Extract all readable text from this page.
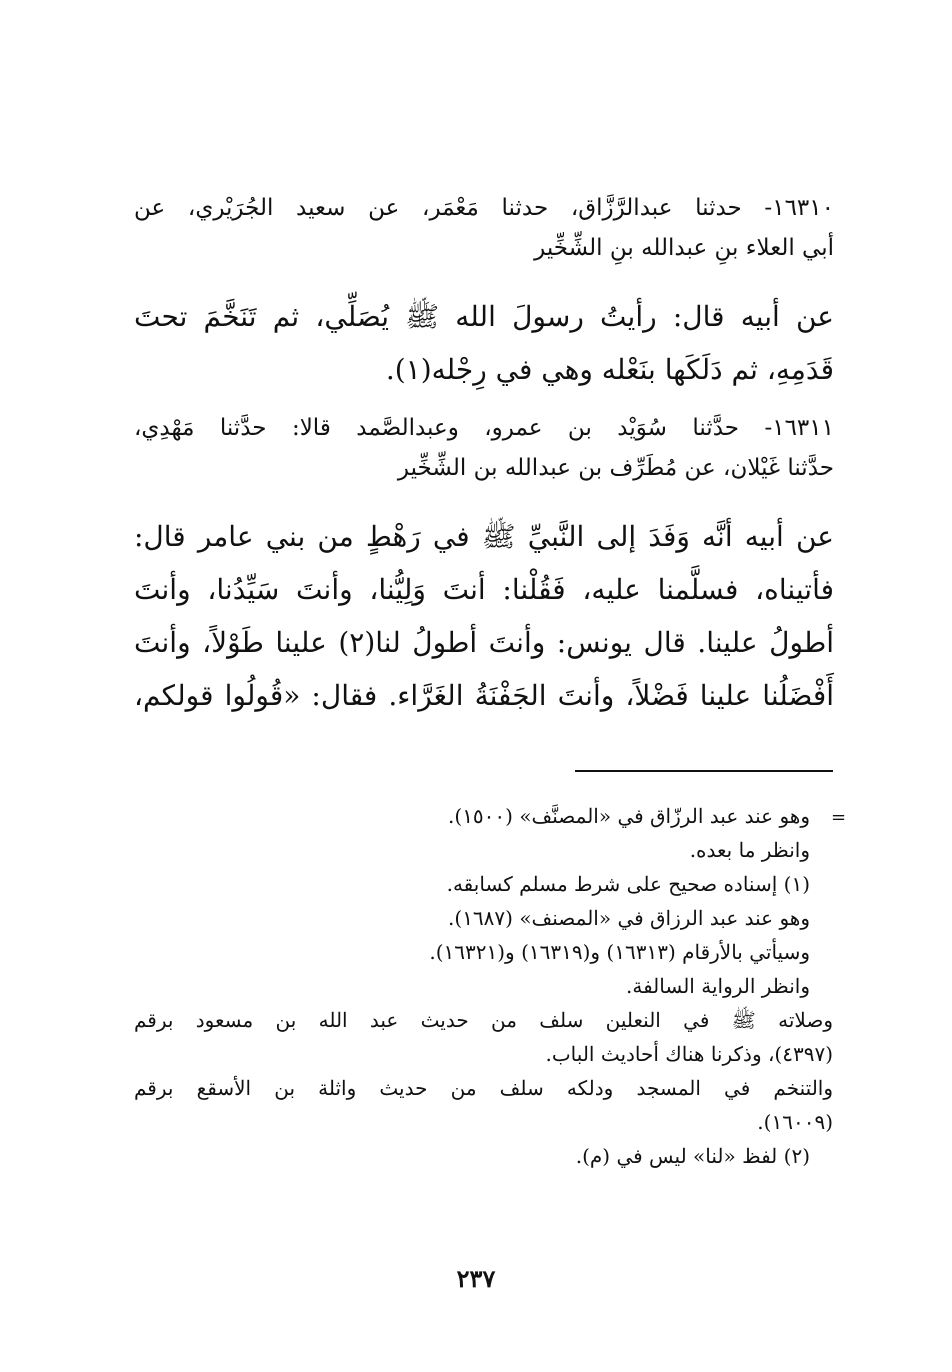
١٦٣١٠- حدثنا عبدالرَّزَّاق، حدثنا مَعْمَر، عن سعيد الجُرَيْري، عن
أبي العلاء بنِ عبدالله بنِ الشِّخِّير
عن أبيه قال: رأيتُ رسولَ الله ﷺ يُصَلِّي، ثم تَنَخَّمَ تحتَ
قَدَمِهِ، ثم دَلَكَها بنَعْله وهي في رِجْله(١).
١٦٣١١- حدَّثنا سُوَيْد بن عمرو، وعبدالصَّمد قالا: حدَّثنا مَهْدِي،
حدَّثنا غَيْلان، عن مُطَرِّف بن عبدالله بن الشِّخِّير
عن أبيه أنَّه وَفَدَ إلى النَّبيِّ ﷺ في رَهْطٍ من بني عامر قال:
فأتيناه، فسلَّمنا عليه، فَقُلْنا: أنتَ وَلِيُّنا، وأنتَ سَيِّدُنا، وأنتَ
أطولُ علينا. قال يونس: وأنتَ أطولُ لنا(٢) علينا طَوْلاً، وأنتَ
أَفْضَلُنا علينا فَضْلاً، وأنتَ الجَفْنَةُ الغَرَّاء. فقال: «قُولُوا قولكم،
=
وهو عند عبد الرزّاق في «المصنَّف» (١٥٠٠).
وانظر ما بعده.
(١) إسناده صحيح على شرط مسلم كسابقه.
وهو عند عبد الرزاق في «المصنف» (١٦٨٧).
وسيأتي بالأرقام (١٦٣١٣) و(١٦٣١٩) و(١٦٣٢١).
وانظر الرواية السالفة.
وصلاته ﷺ في النعلين سلف من حديث عبد الله بن مسعود برقم
(٤٣٩٧)، وذكرنا هناك أحاديث الباب.
والتنخم في المسجد ودلكه سلف من حديث واثلة بن الأسقع برقم
(١٦٠٠٩).
(٢) لفظ «لنا» ليس في (م).
٢٣٧
